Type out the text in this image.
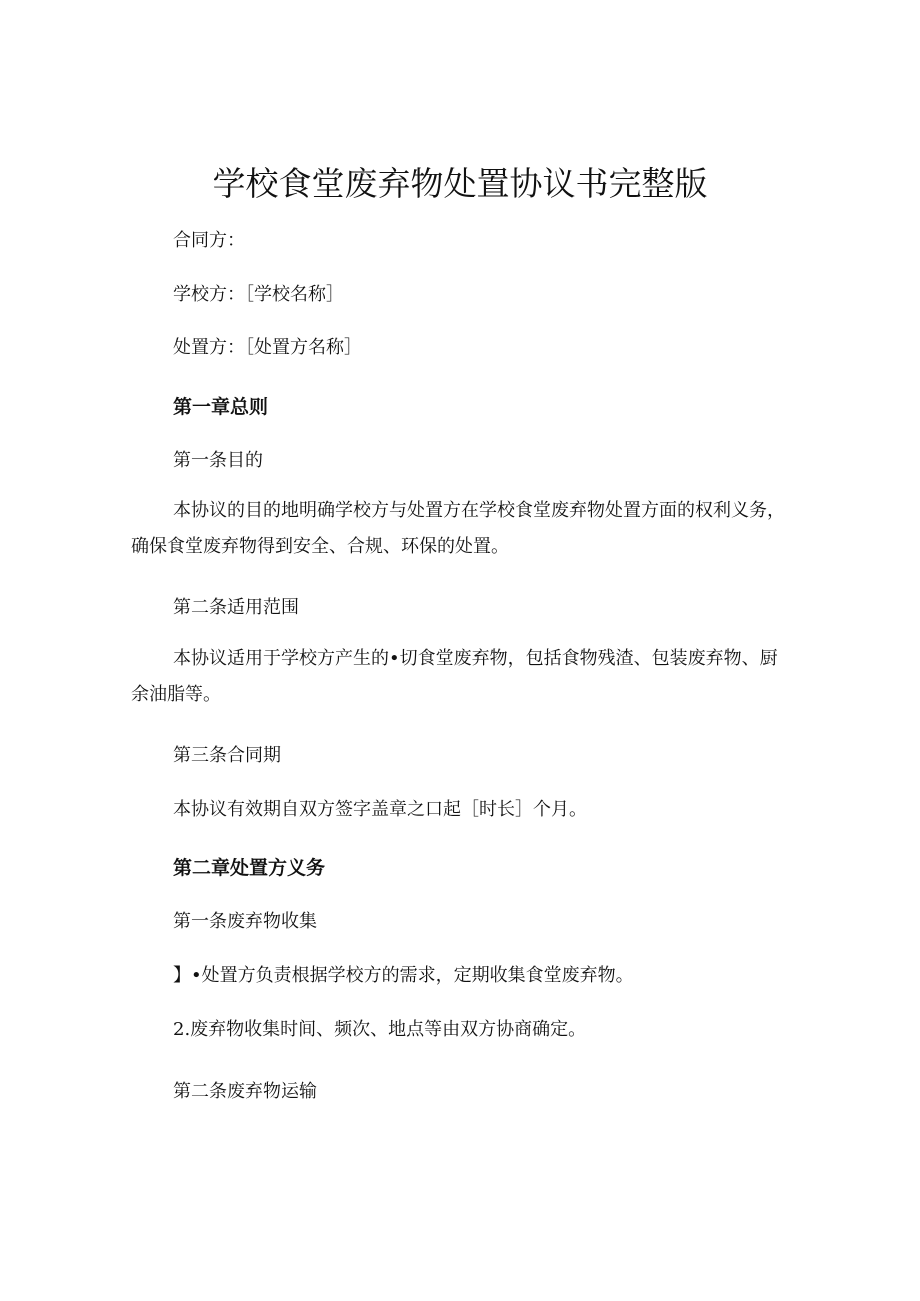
学校食堂废弃物处置协议书完整版
合同方：
学校方：［学校名称］
处置方：［处置方名称］
第一章总则
第一条目的
本协议的目的地明确学校方与处置方在学校食堂废弃物处置方面的权利义务，确保食堂废弃物得到安全、合规、环保的处置。
第二条适用范围
本协议适用于学校方产生的•切食堂废弃物，包括食物残渣、包装废弃物、厨余油脂等。
第三条合同期
本协议有效期自双方签字盖章之口起［时长］个月。
第二章处置方义务
第一条废弃物收集
】•处置方负责根据学校方的需求，定期收集食堂废弃物。
2.废弃物收集时间、频次、地点等由双方协商确定。
第二条废弃物运输
